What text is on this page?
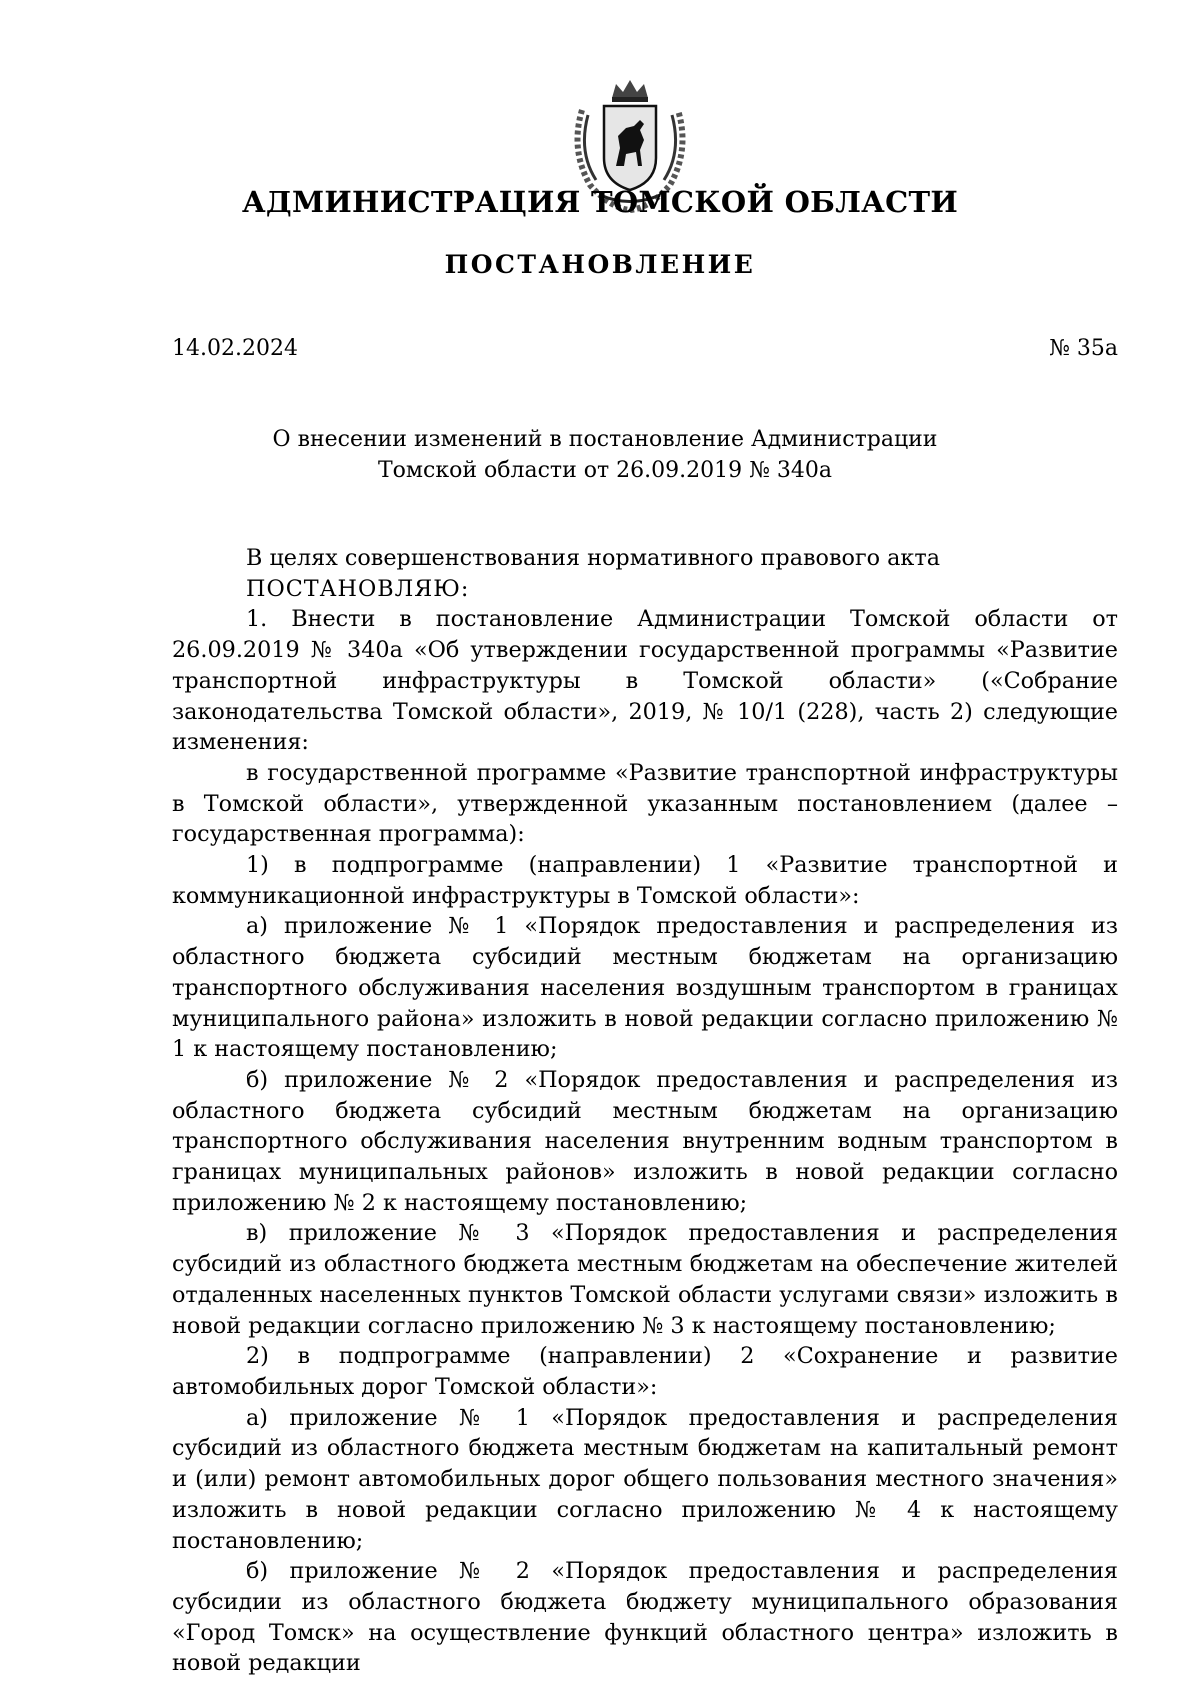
АДМИНИСТРАЦИЯ ТОМСКОЙ ОБЛАСТИ
ПОСТАНОВЛЕНИЕ
14.02.2024	№ 35а
О внесении изменений в постановление Администрации
Томской области от 26.09.2019 № 340а

В целях совершенствования нормативного правового акта

ПОСТАНОВЛЯЮ:

1. Внести в постановление Администрации Томской области от 26.09.2019 № 340а «Об утверждении государственной программы «Развитие транспортной инфраструктуры в Томской области» («Собрание законодательства Томской области», 2019, № 10/1 (228), часть 2) следующие изменения:

в государственной программе «Развитие транспортной инфраструктуры в Томской области», утвержденной указанным постановлением (далее – государственная программа):

1) в подпрограмме (направлении) 1 «Развитие транспортной и коммуникационной инфраструктуры в Томской области»:

а) приложение № 1 «Порядок предоставления и распределения из областного бюджета субсидий местным бюджетам на организацию транспортного обслуживания населения воздушным транспортом в границах муниципального района» изложить в новой редакции согласно приложению № 1 к настоящему постановлению;

б) приложение № 2 «Порядок предоставления и распределения из областного бюджета субсидий местным бюджетам на организацию транспортного обслуживания населения внутренним водным транспортом в границах муниципальных районов» изложить в новой редакции согласно приложению № 2 к настоящему постановлению;

в) приложение № 3 «Порядок предоставления и распределения субсидий из областного бюджета местным бюджетам на обеспечение жителей отдаленных населенных пунктов Томской области услугами связи» изложить в новой редакции согласно приложению № 3 к настоящему постановлению;

2) в подпрограмме (направлении) 2 «Сохранение и развитие автомобильных дорог Томской области»:

а) приложение № 1 «Порядок предоставления и распределения субсидий из областного бюджета местным бюджетам на капитальный ремонт и (или) ремонт автомобильных дорог общего пользования местного значения» изложить в новой редакции согласно приложению № 4 к настоящему постановлению;

б) приложение № 2 «Порядок предоставления и распределения субсидии из областного бюджета бюджету муниципального образования «Город Томск» на осуществление функций областного центра» изложить в новой редакции
